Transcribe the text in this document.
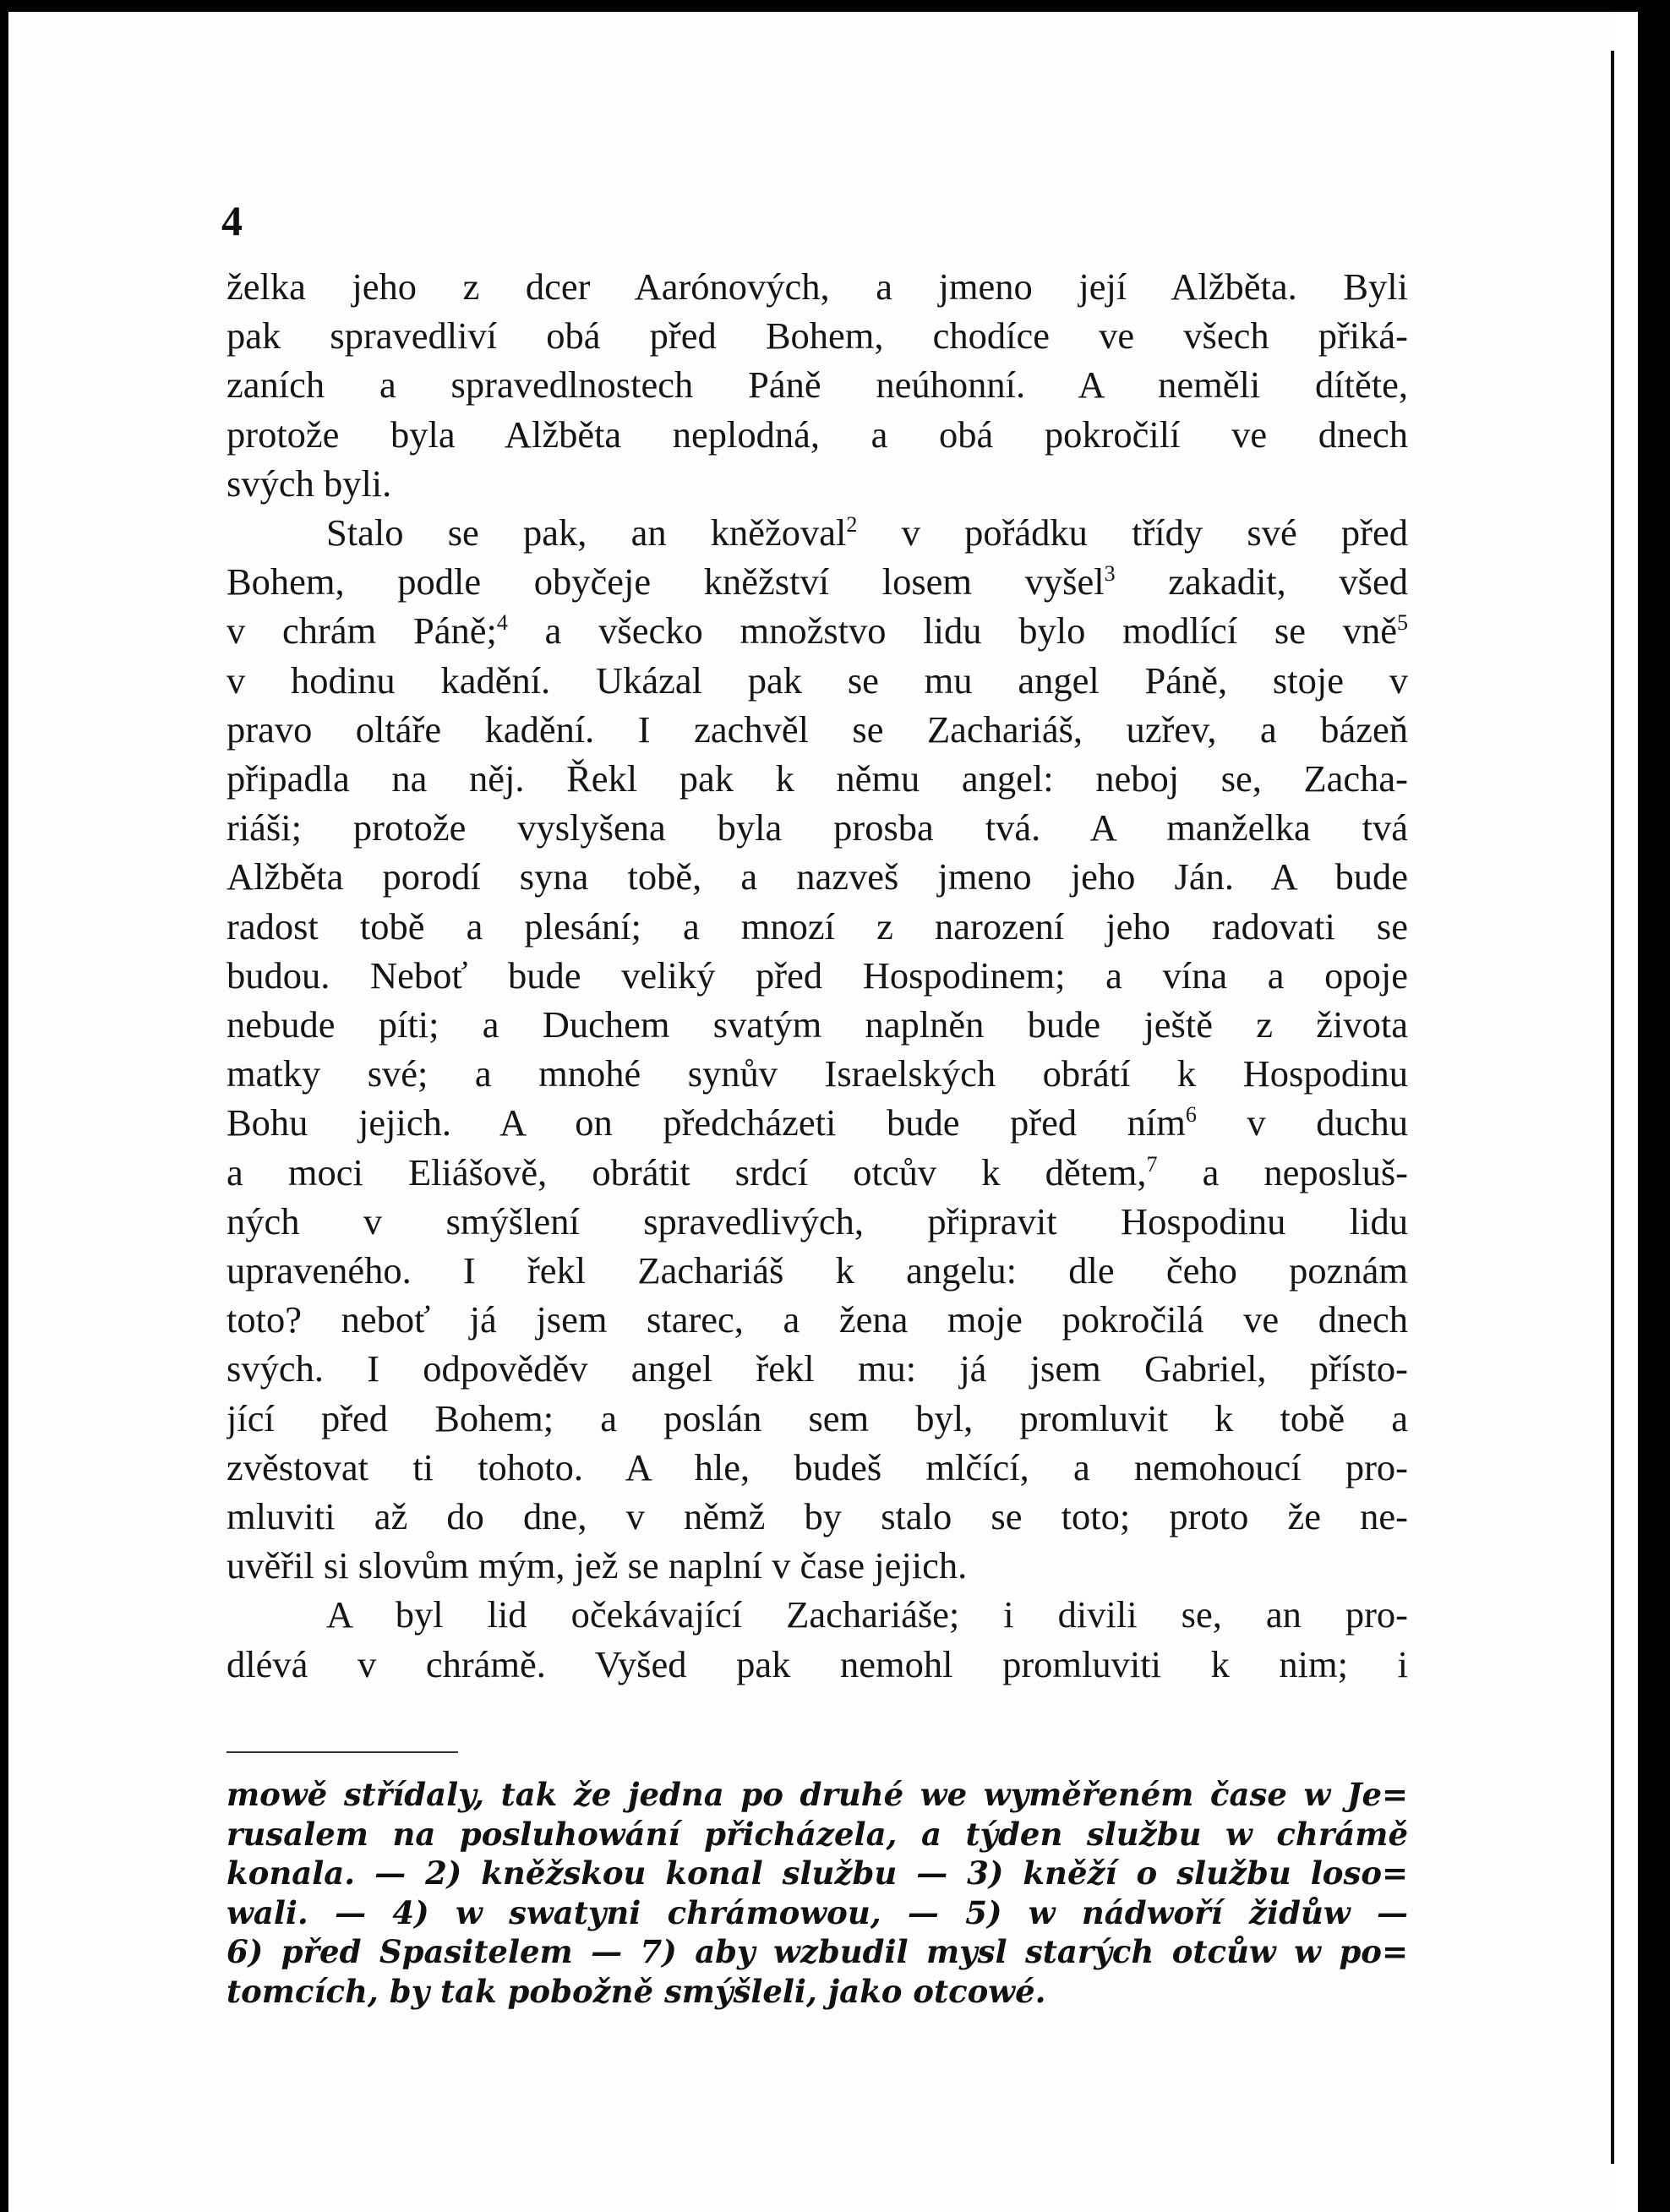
4
želka jeho z dcer Aarónových, a jmeno její Alžběta. Byli
pak spravedliví obá před Bohem, chodíce ve všech přiká-
zaních a spravedlnostech Páně neúhonní. A neměli dítěte,
protože byla Alžběta neplodná, a obá pokročilí ve dnech
svých byli.
Stalo se pak, an kněžoval$^2$ v pořádku třídy své před
Bohem, podle obyčeje kněžství losem vyšel$^3$ zakadit, všed
v chrám Páně;$^4$ a všecko množstvo lidu bylo modlící se vně$^5$
v hodinu kadění. Ukázal pak se mu angel Páně, stoje v
pravo oltáře kadění. I zachvěl se Zachariáš, uzřev, a bázeň
připadla na něj. Řekl pak k němu angel: neboj se, Zacha-
riáši; protože vyslyšena byla prosba tvá. A manželka tvá
Alžběta porodí syna tobě, a nazveš jmeno jeho Ján. A bude
radost tobě a plesání; a mnozí z narození jeho radovati se
budou. Neboť bude veliký před Hospodinem; a vína a opoje
nebude píti; a Duchem svatým naplněn bude ještě z života
matky své; a mnohé synův Israelských obrátí k Hospodinu
Bohu jejich. A on předcházeti bude před ním$^6$ v duchu
a moci Eliášově, obrátit srdcí otcův k dětem,$^7$ a neposluš-
ných v smýšlení spravedlivých, připravit Hospodinu lidu
upraveného. I řekl Zachariáš k angelu: dle čeho poznám
toto? neboť já jsem starec, a žena moje pokročilá ve dnech
svých. I odpověděv angel řekl mu: já jsem Gabriel, přísto-
jící před Bohem; a poslán sem byl, promluvit k tobě a
zvěstovat ti tohoto. A hle, budeš mlčící, a nemohoucí pro-
mluviti až do dne, v němž by stalo se toto; proto že ne-
uvěřil si slovům mým, jež se naplní v čase jejich.
A byl lid očekávající Zachariáše; i divili se, an pro-
dlévá v chrámě. Vyšed pak nemohl promluviti k nim; i
mowě střídaly, tak že jedna po druhé we wyměřeném čase w Je=
rusalem na posluhowání přicházela, a týden službu w chrámě
konala. — 2) kněžskou konal službu — 3) kněží o službu loso=
wali. — 4) w swatyni chrámowou, — 5) w nádwoří židůw —
6) před Spasitelem — 7) aby wzbudil mysl starých otcůw w po=
tomcích, by tak pobožně smýšleli, jako otcowé.
